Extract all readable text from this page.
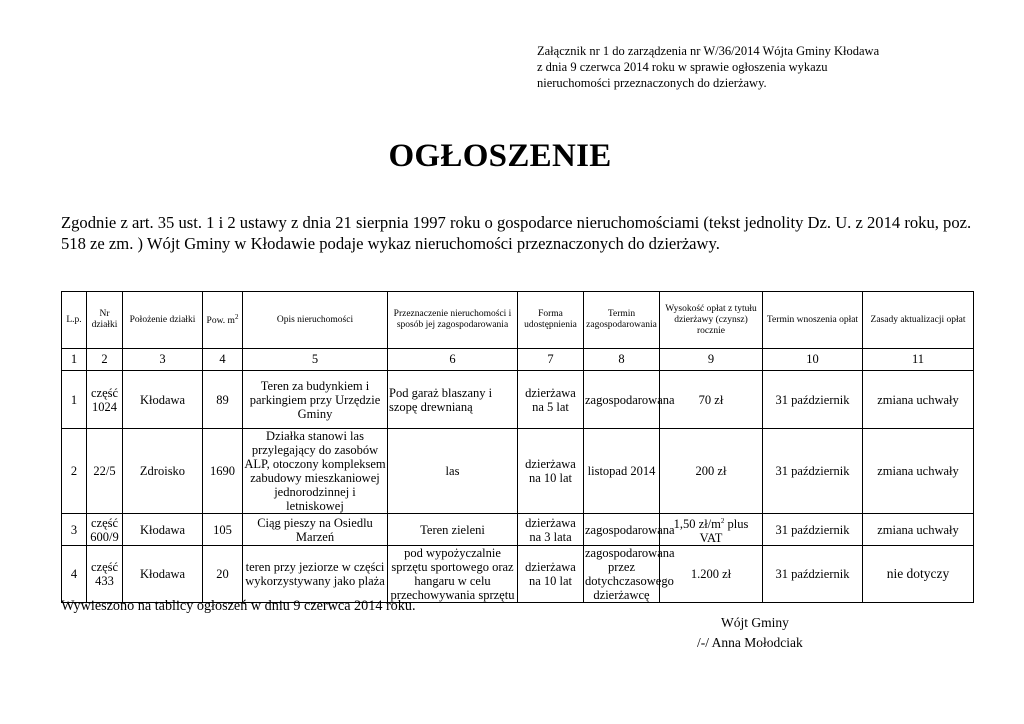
Załącznik nr 1 do zarządzenia nr W/36/2014 Wójta Gminy Kłodawa
z dnia 9 czerwca 2014 roku w sprawie ogłoszenia wykazu
nieruchomości przeznaczonych do dzierżawy.
OGŁOSZENIE
Zgodnie z art. 35 ust. 1 i 2 ustawy z dnia 21 sierpnia 1997 roku o gospodarce nieruchomościami (tekst jednolity Dz. U. z 2014 roku, poz. 518 ze zm. ) Wójt Gminy w Kłodawie podaje wykaz nieruchomości przeznaczonych do dzierżawy.
L.p.	Nr działki	Położenie działki	Pow. $m^2$	Opis nieruchomości	Przeznaczenie nieruchomości i sposób jej zagospodarowania	Forma udostępnienia	Termin zagospodarowania	Wysokość opłat z tytułu dzierżawy (czynsz) rocznie	Termin wnoszenia opłat	Zasady aktualizacji opłat
1	2	3	4	5	6	7	8	9	10	11
1	część 1024	Kłodawa	89	Teren za budynkiem i parkingiem przy Urzędzie Gminy	Pod garaż blaszany i szopę drewnianą	dzierżawa na 5 lat	zagospodarowana	70 zł	31 październik	zmiana uchwały
2	22/5	Zdroisko	1690	Działka stanowi las przylegający do zasobów ALP, otoczony kompleksem zabudowy mieszkaniowej jednorodzinnej i letniskowej	las	dzierżawa na 10 lat	listopad 2014	200 zł	31 październik	zmiana uchwały
3	część 600/9	Kłodawa	105	Ciąg pieszy na Osiedlu Marzeń	Teren zieleni	dzierżawa na 3 lata	zagospodarowana	1,50 $zł/m^2$ plus VAT	31 październik	zmiana uchwały
4	część 433	Kłodawa	20	teren przy jeziorze w części wykorzystywany jako plaża	pod wypożyczalnie sprzętu sportowego oraz hangaru w celu przechowywania sprzętu	dzierżawa na 10 lat	zagospodarowana przez dotychczasowego dzierżawcę	1.200 zł	31 październik	nie dotyczy
Wywieszono na tablicy ogłoszeń w dniu 9 czerwca 2014 roku.
Wójt Gminy
/-/ Anna Mołodciak
